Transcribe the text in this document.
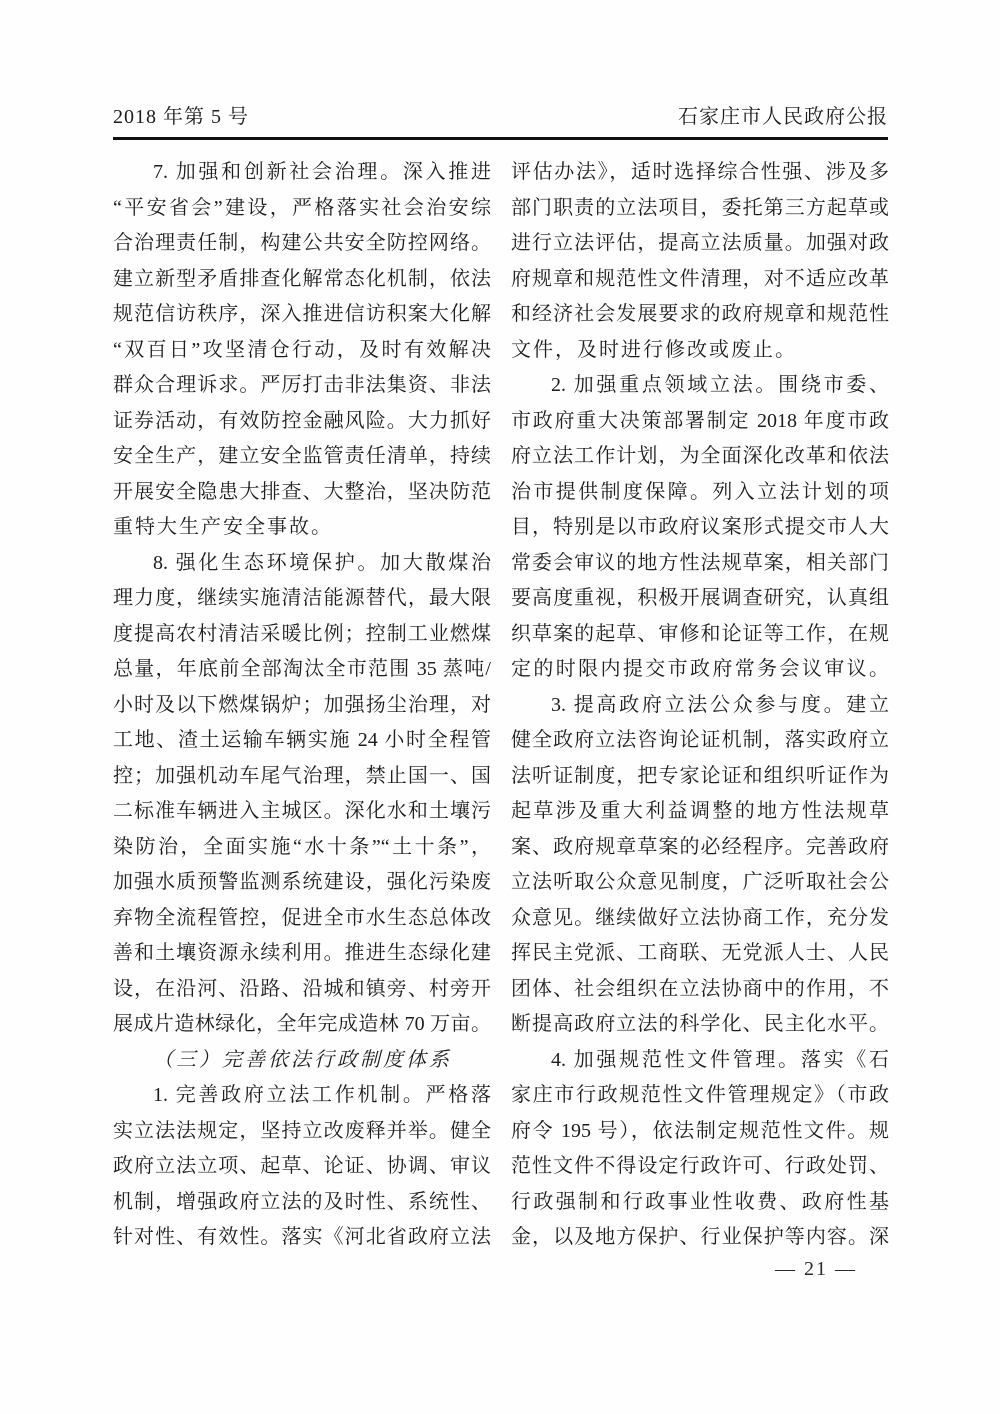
2018 年第 5 号	石家庄市人民政府公报
7. 加强和创新社会治理。深入推进
“平安省会”建设，严格落实社会治安综
合治理责任制，构建公共安全防控网络。
建立新型矛盾排查化解常态化机制，依法
规范信访秩序，深入推进信访积案大化解
“双百日”攻坚清仓行动，及时有效解决
群众合理诉求。严厉打击非法集资、非法
证券活动，有效防控金融风险。大力抓好
安全生产，建立安全监管责任清单，持续
开展安全隐患大排查、大整治，坚决防范
重特大生产安全事故。
8. 强化生态环境保护。加大散煤治
理力度，继续实施清洁能源替代，最大限
度提高农村清洁采暖比例；控制工业燃煤
总量，年底前全部淘汰全市范围 35 蒸吨/
小时及以下燃煤锅炉；加强扬尘治理，对
工地、渣土运输车辆实施 24 小时全程管
控；加强机动车尾气治理，禁止国一、国
二标准车辆进入主城区。深化水和土壤污
染防治，全面实施“水十条”“土十条”，
加强水质预警监测系统建设，强化污染废
弃物全流程管控，促进全市水生态总体改
善和土壤资源永续利用。推进生态绿化建
设，在沿河、沿路、沿城和镇旁、村旁开
展成片造林绿化，全年完成造林 70 万亩。
（三）完善依法行政制度体系
1. 完善政府立法工作机制。严格落
实立法法规定，坚持立改废释并举。健全
政府立法立项、起草、论证、协调、审议
机制，增强政府立法的及时性、系统性、
针对性、有效性。落实《河北省政府立法
评估办法》，适时选择综合性强、涉及多
部门职责的立法项目，委托第三方起草或
进行立法评估，提高立法质量。加强对政
府规章和规范性文件清理，对不适应改革
和经济社会发展要求的政府规章和规范性
文件，及时进行修改或废止。
2. 加强重点领域立法。围绕市委、
市政府重大决策部署制定 2018 年度市政
府立法工作计划，为全面深化改革和依法
治市提供制度保障。列入立法计划的项
目，特别是以市政府议案形式提交市人大
常委会审议的地方性法规草案，相关部门
要高度重视，积极开展调查研究，认真组
织草案的起草、审修和论证等工作，在规
定的时限内提交市政府常务会议审议。
3. 提高政府立法公众参与度。建立
健全政府立法咨询论证机制，落实政府立
法听证制度，把专家论证和组织听证作为
起草涉及重大利益调整的地方性法规草
案、政府规章草案的必经程序。完善政府
立法听取公众意见制度，广泛听取社会公
众意见。继续做好立法协商工作，充分发
挥民主党派、工商联、无党派人士、人民
团体、社会组织在立法协商中的作用，不
断提高政府立法的科学化、民主化水平。
4. 加强规范性文件管理。落实《石
家庄市行政规范性文件管理规定》（市政
府令 195 号），依法制定规范性文件。规
范性文件不得设定行政许可、行政处罚、
行政强制和行政事业性收费、政府性基
金，以及地方保护、行业保护等内容。深
— 21 —
